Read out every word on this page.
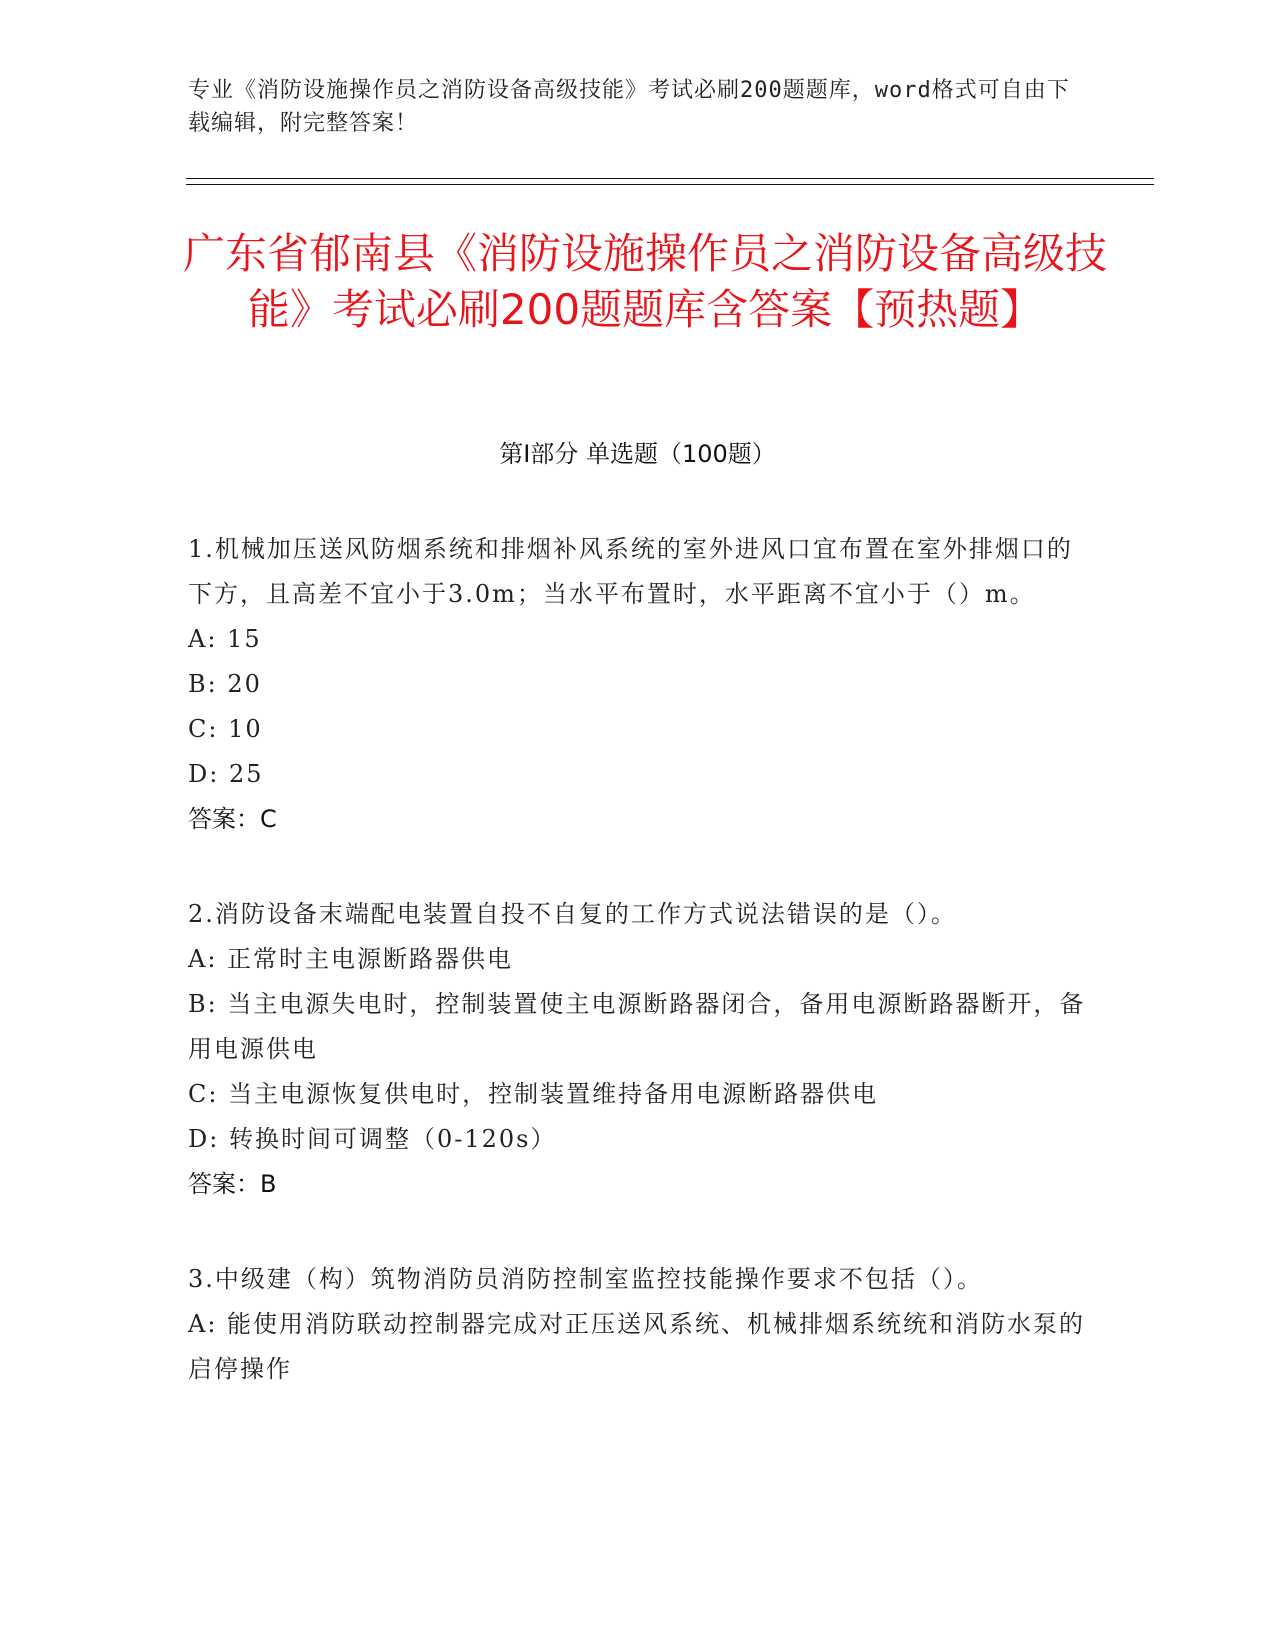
专业《消防设施操作员之消防设备高级技能》考试必刷200题题库，word格式可自由下载编辑，附完整答案！
广东省郁南县《消防设施操作员之消防设备高级技能》考试必刷200题题库含答案【预热题】
第Ⅰ部分 单选题（100题）

1.机械加压送风防烟系统和排烟补风系统的室外进风口宜布置在室外排烟口的下方，且高差不宜小于3.0m；当水平布置时，水平距离不宜小于（）m。

A: 15

B: 20

C: 10

D: 25

答案：C

2.消防设备末端配电装置自投不自复的工作方式说法错误的是（）。

A: 正常时主电源断路器供电

B: 当主电源失电时，控制装置使主电源断路器闭合，备用电源断路器断开，备用电源供电

C: 当主电源恢复供电时，控制装置维持备用电源断路器供电

D: 转换时间可调整（0-120s）

答案：B

3.中级建（构）筑物消防员消防控制室监控技能操作要求不包括（）。

A: 能使用消防联动控制器完成对正压送风系统、机械排烟系统统和消防水泵的启停操作
